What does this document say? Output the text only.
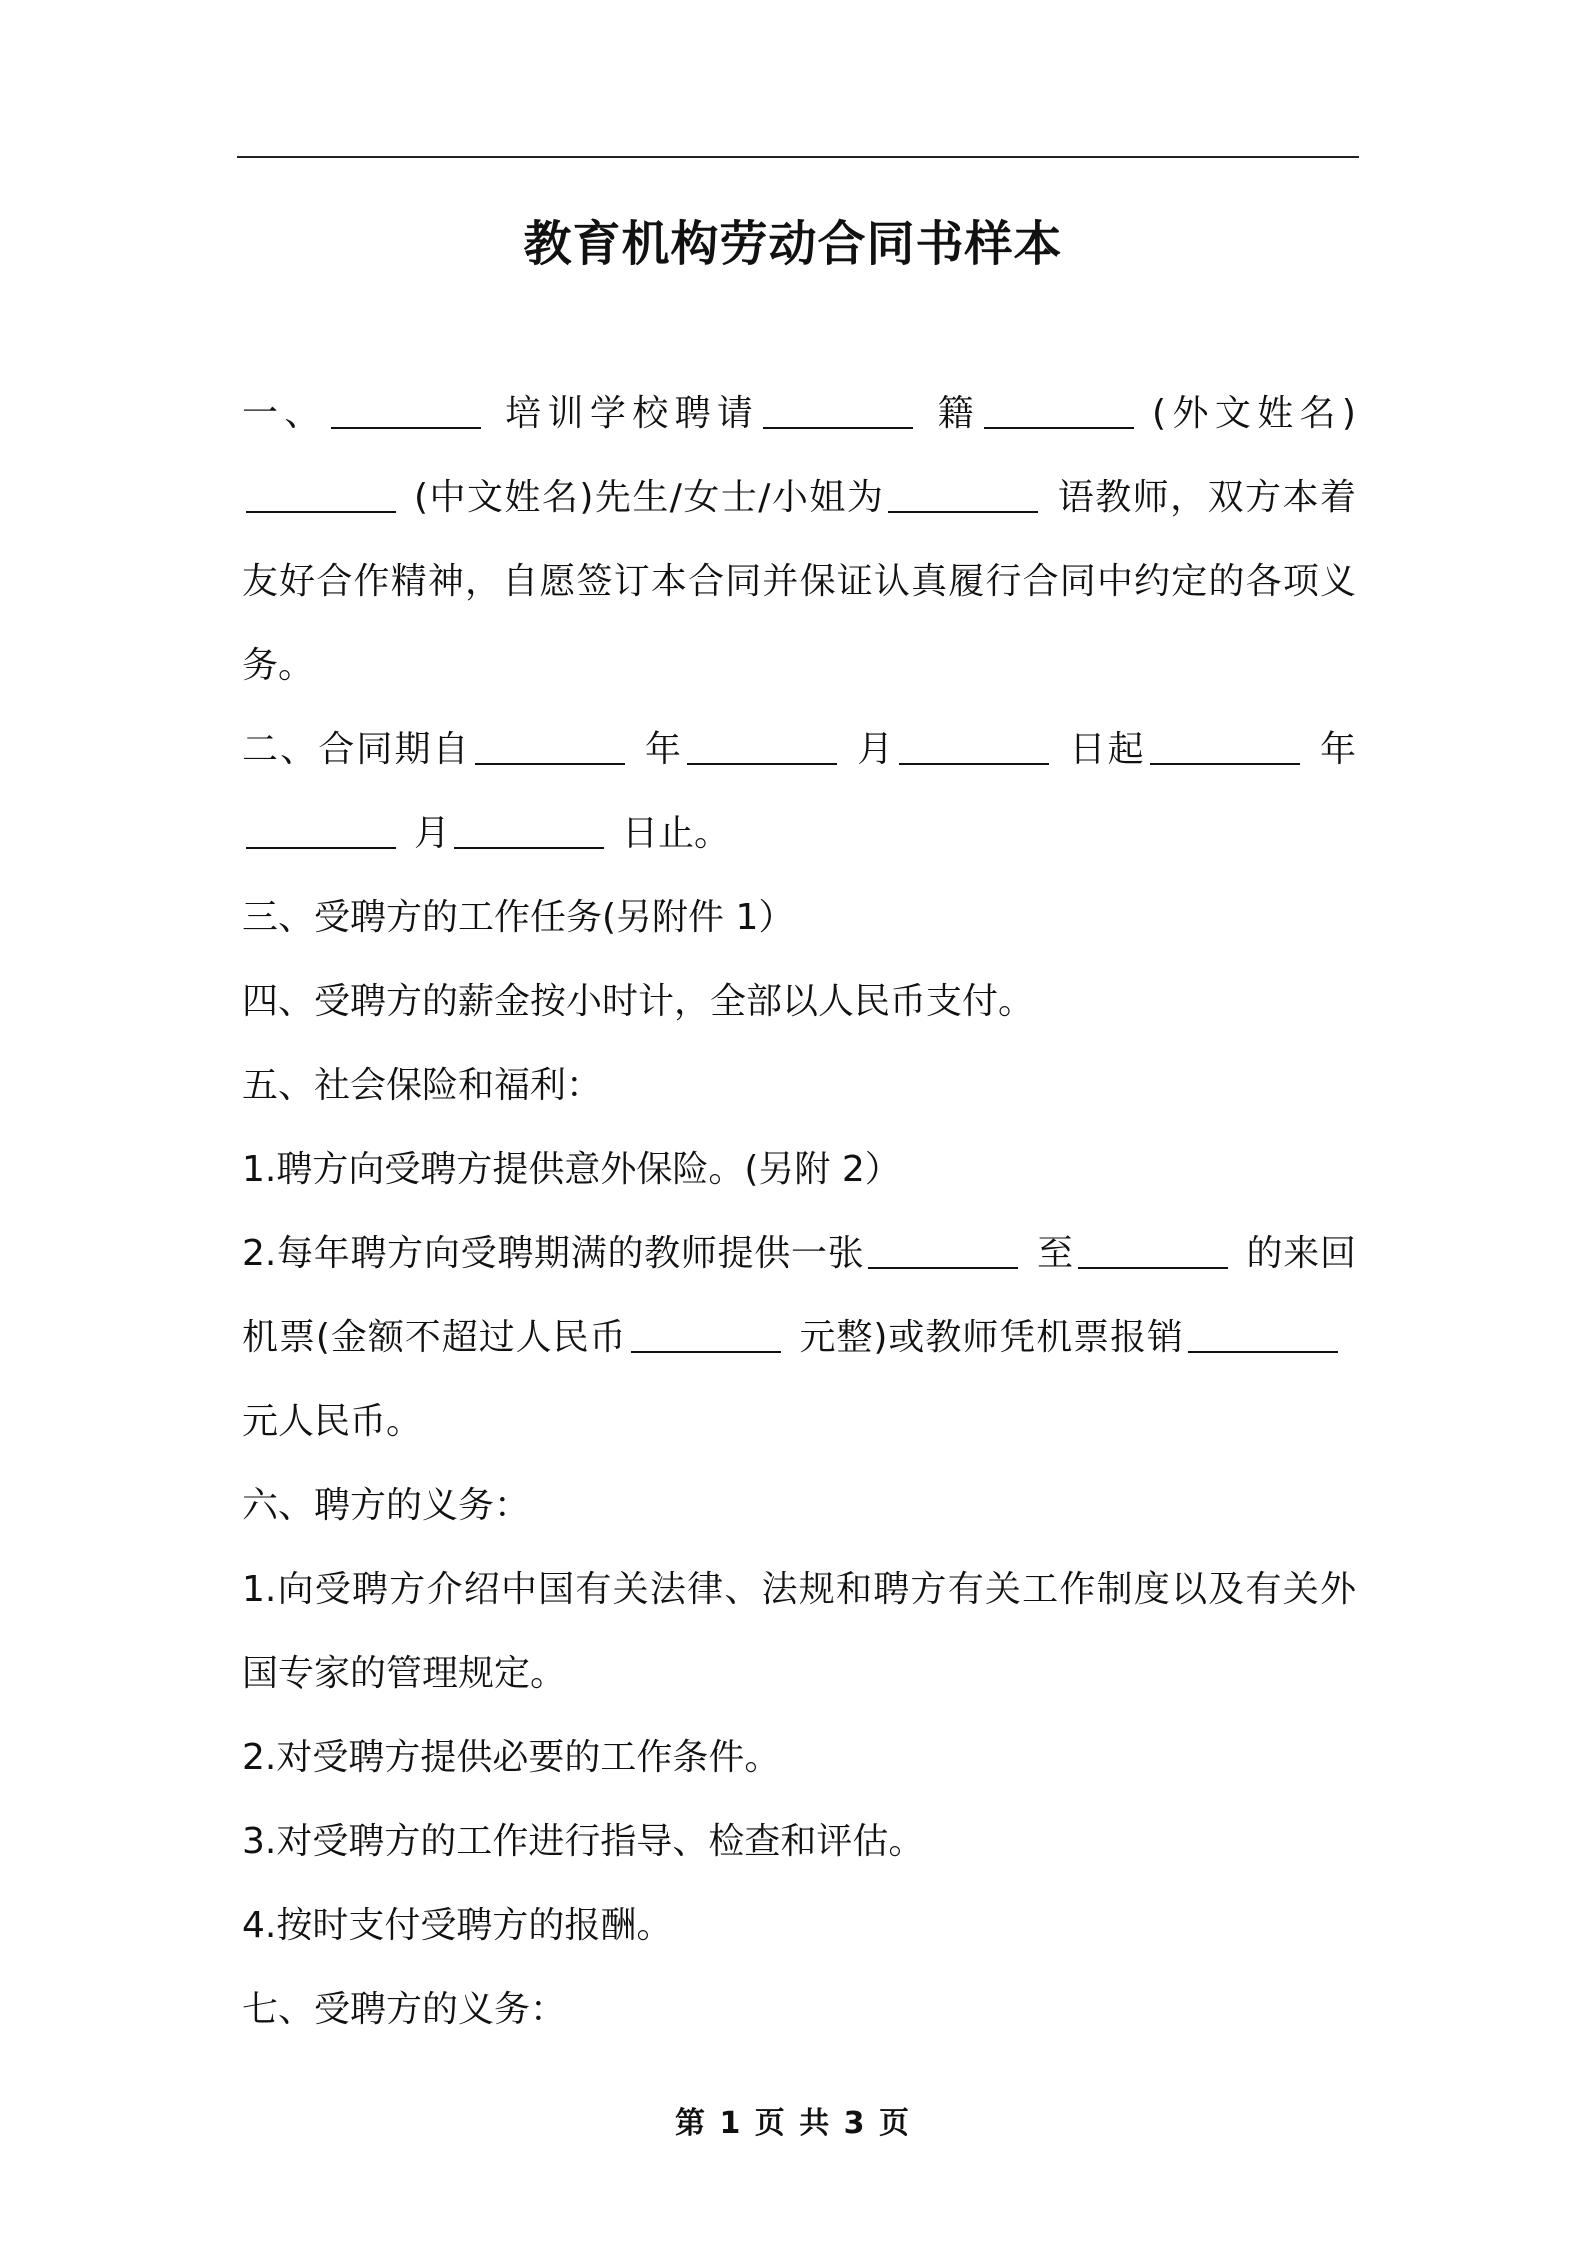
教育机构劳动合同书样本

一、	培训学校聘请	籍	(外文姓名)(中文姓名)先生/女士/小姐为	语教师，双方本着友好合作精神，自愿签订本合同并保证认真履行合同中约定的各项义务。

二、合同期自	年	月	日起	年月	日止。

三、受聘方的工作任务(另附件 1）

四、受聘方的薪金按小时计，全部以人民币支付。

五、社会保险和福利：

1.聘方向受聘方提供意外保险。(另附 2）

2.每年聘方向受聘期满的教师提供一张	至	的来回机票(金额不超过人民币	元整)或教师凭机票报销元人民币。

六、聘方的义务：

1.向受聘方介绍中国有关法律、法规和聘方有关工作制度以及有关外国专家的管理规定。

2.对受聘方提供必要的工作条件。

3.对受聘方的工作进行指导、检查和评估。

4.按时支付受聘方的报酬。

七、受聘方的义务：

第 1 页 共 3 页
